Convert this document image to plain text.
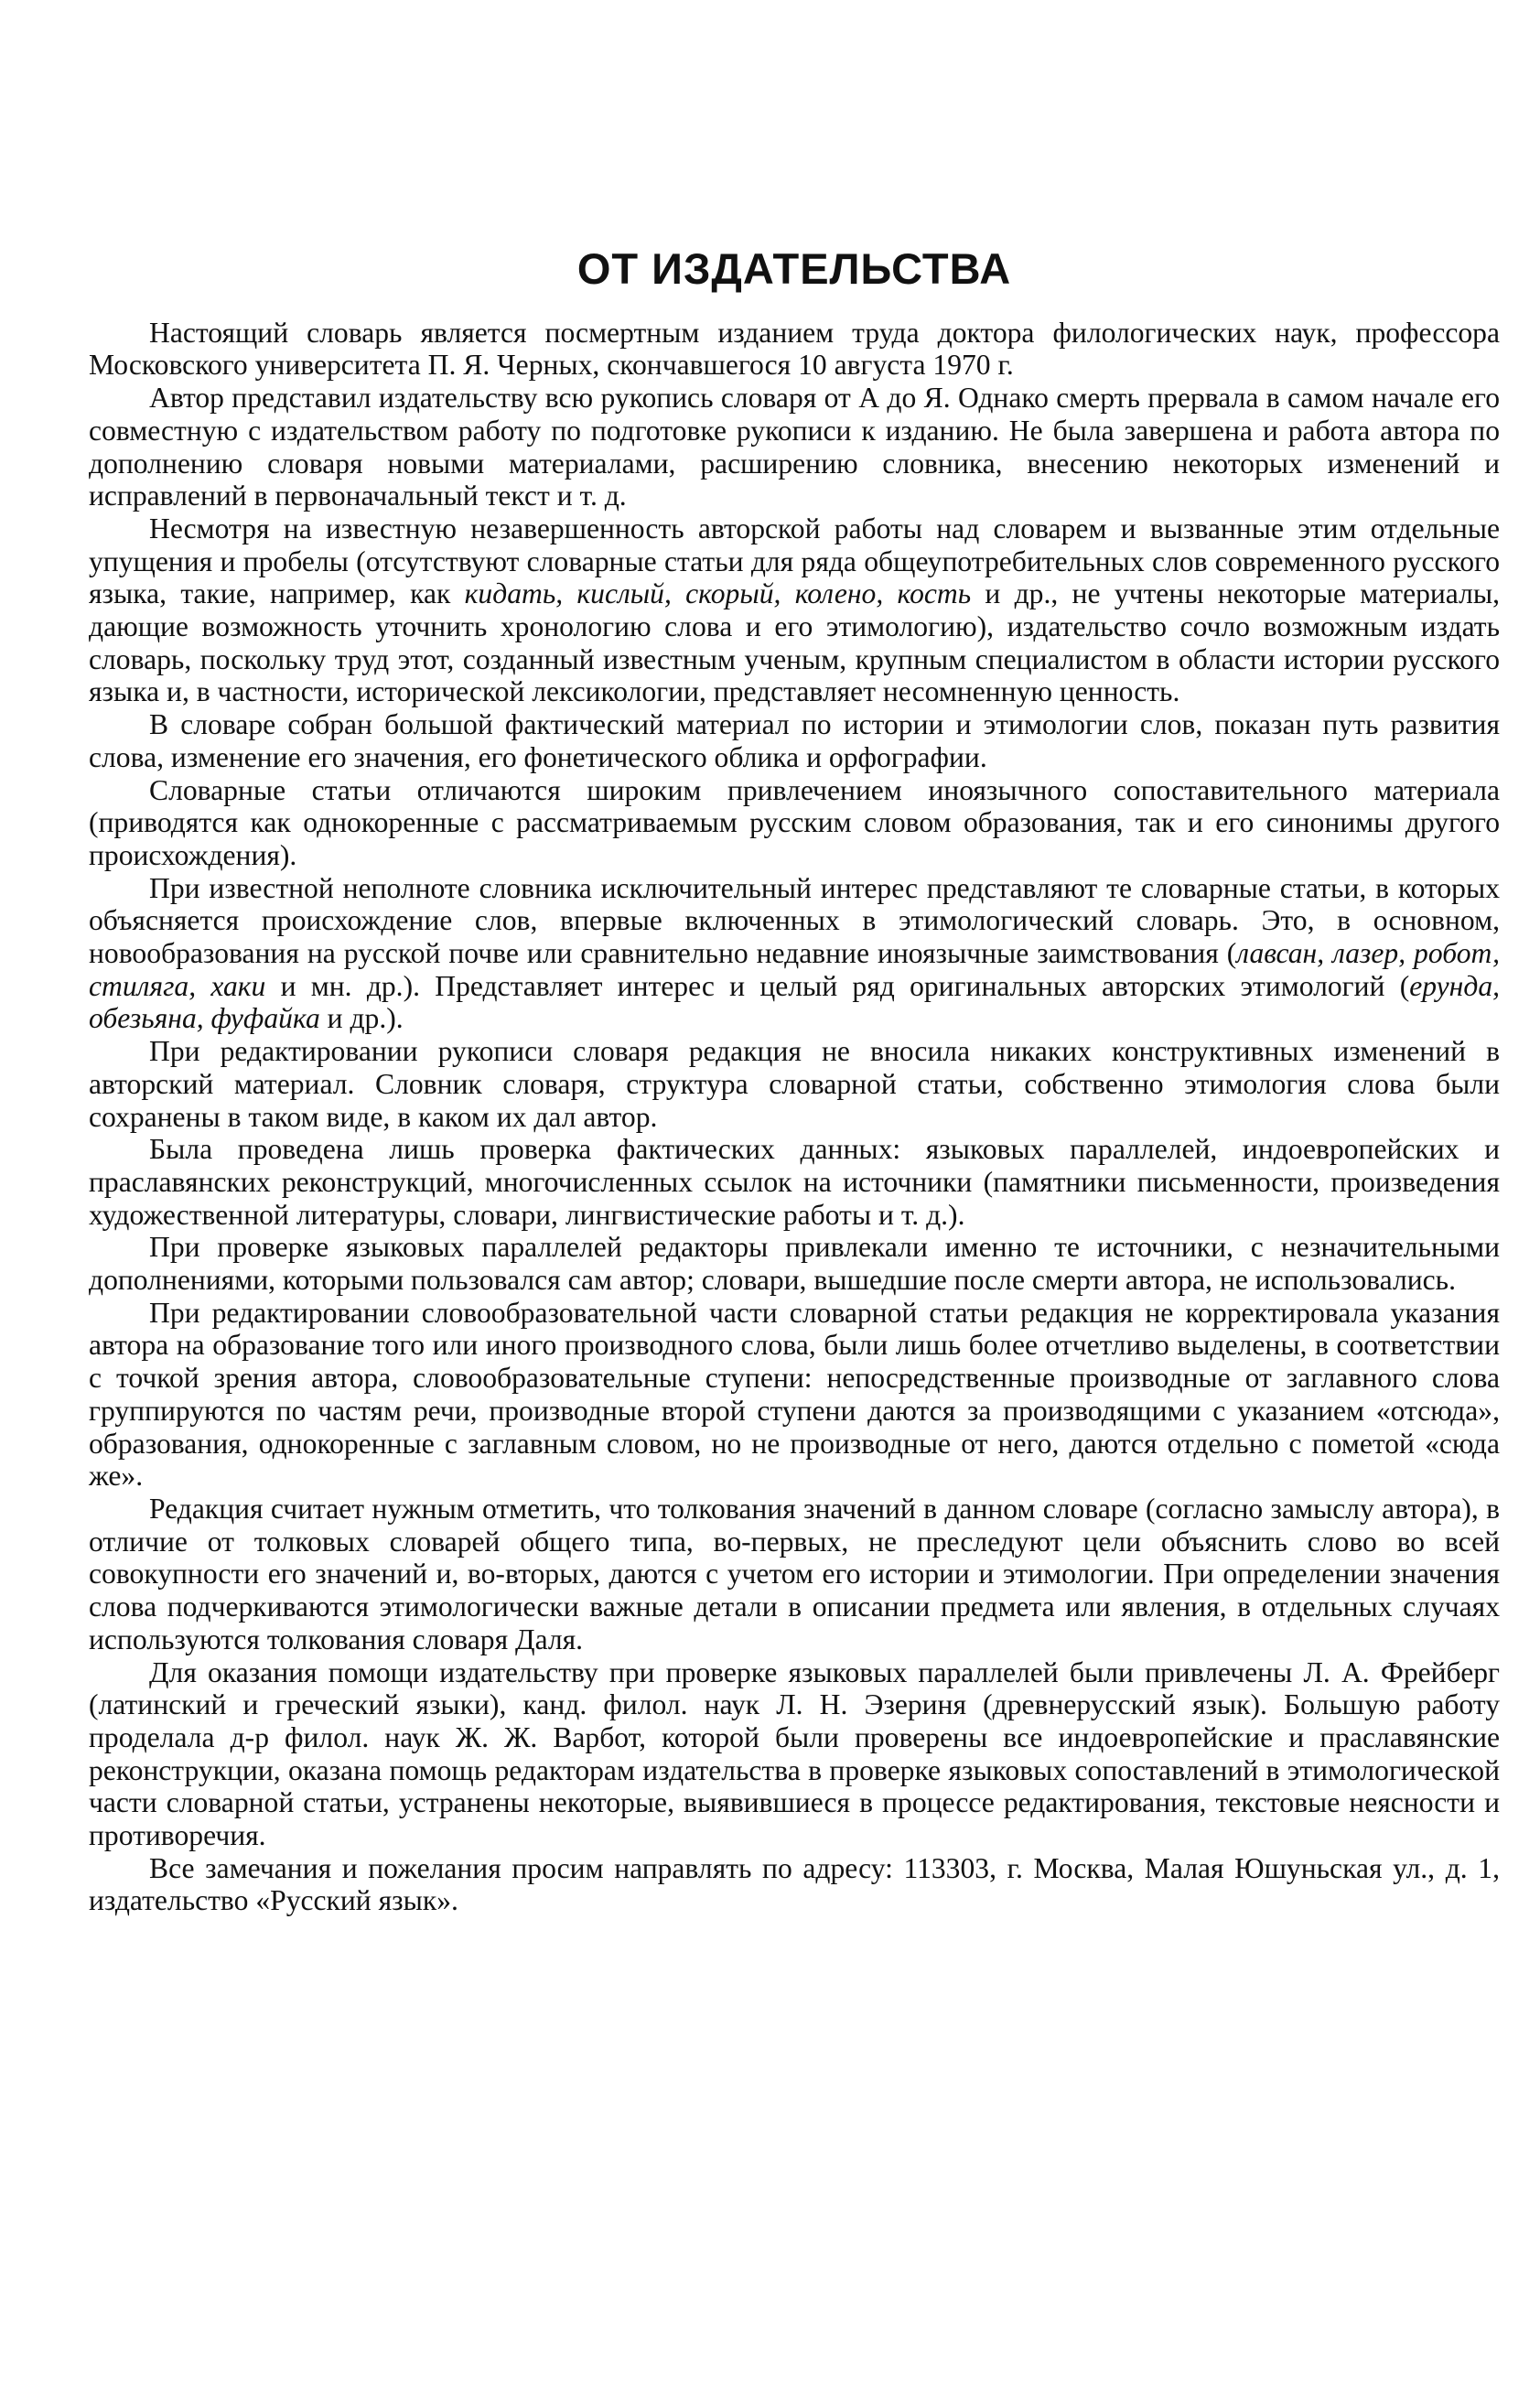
ОТ ИЗДАТЕЛЬСТВА

Настоящий словарь является посмертным изданием труда доктора филологических наук, профессора Московского университета П. Я. Черных, скончавшегося 10 августа 1970 г.

Автор представил издательству всю рукопись словаря от А до Я. Однако смерть прервала в самом начале его совместную с издательством работу по подготовке рукописи к изданию. Не была завершена и работа автора по дополнению словаря новыми материалами, расширению словника, внесению некоторых изменений и исправлений в первоначальный текст и т. д.

Несмотря на известную незавершенность авторской работы над словарем и вызванные этим отдельные упущения и пробелы (отсутствуют словарные статьи для ряда общеупотребительных слов современного русского языка, такие, например, как кидать, кислый, скорый, колено, кость и др., не учтены некоторые материалы, дающие возможность уточнить хронологию слова и его этимологию), издательство сочло возможным издать словарь, поскольку труд этот, созданный известным ученым, крупным специалистом в области истории русского языка и, в частности, исторической лексикологии, представляет несомненную ценность.

В словаре собран большой фактический материал по истории и этимологии слов, показан путь развития слова, изменение его значения, его фонетического облика и орфографии.

Словарные статьи отличаются широким привлечением иноязычного сопоставительного материала (приводятся как однокоренные с рассматриваемым русским словом образования, так и его синонимы другого происхождения).

При известной неполноте словника исключительный интерес представляют те словарные статьи, в которых объясняется происхождение слов, впервые включенных в этимологический словарь. Это, в основном, новообразования на русской почве или сравнительно недавние иноязычные заимствования (лавсан, лазер, робот, стиляга, хаки и мн. др.). Представляет интерес и целый ряд оригинальных авторских этимологий (ерунда, обезьяна, фуфайка и др.).

При редактировании рукописи словаря редакция не вносила никаких конструктивных изменений в авторский материал. Словник словаря, структура словарной статьи, собственно этимология слова были сохранены в таком виде, в каком их дал автор.

Была проведена лишь проверка фактических данных: языковых параллелей, индоевропейских и праславянских реконструкций, многочисленных ссылок на источники (памятники письменности, произведения художественной литературы, словари, лингвистические работы и т. д.).

При проверке языковых параллелей редакторы привлекали именно те источники, с незначительными дополнениями, которыми пользовался сам автор; словари, вышедшие после смерти автора, не использовались.

При редактировании словообразовательной части словарной статьи редакция не корректировала указания автора на образование того или иного производного слова, были лишь более отчетливо выделены, в соответствии с точкой зрения автора, словообразовательные ступени: непосредственные производные от заглавного слова группируются по частям речи, производные второй ступени даются за производящими с указанием «отсюда», образования, однокоренные с заглавным словом, но не производные от него, даются отдельно с пометой «сюда же».

Редакция считает нужным отметить, что толкования значений в данном словаре (согласно замыслу автора), в отличие от толковых словарей общего типа, во-первых, не преследуют цели объяснить слово во всей совокупности его значений и, во-вторых, даются с учетом его истории и этимологии. При определении значения слова подчеркиваются этимологически важные детали в описании предмета или явления, в отдельных случаях используются толкования словаря Даля.

Для оказания помощи издательству при проверке языковых параллелей были привлечены Л. А. Фрейберг (латинский и греческий языки), канд. филол. наук Л. Н. Эзериня (древнерусский язык). Большую работу проделала д-р филол. наук Ж. Ж. Варбот, которой были проверены все индоевропейские и праславянские реконструкции, оказана помощь редакторам издательства в проверке языковых сопоставлений в этимологической части словарной статьи, устранены некоторые, выявившиеся в процессе редактирования, текстовые неясности и противоречия.

Все замечания и пожелания просим направлять по адресу: 113303, г. Москва, Малая Юшуньская ул., д. 1, издательство «Русский язык».
